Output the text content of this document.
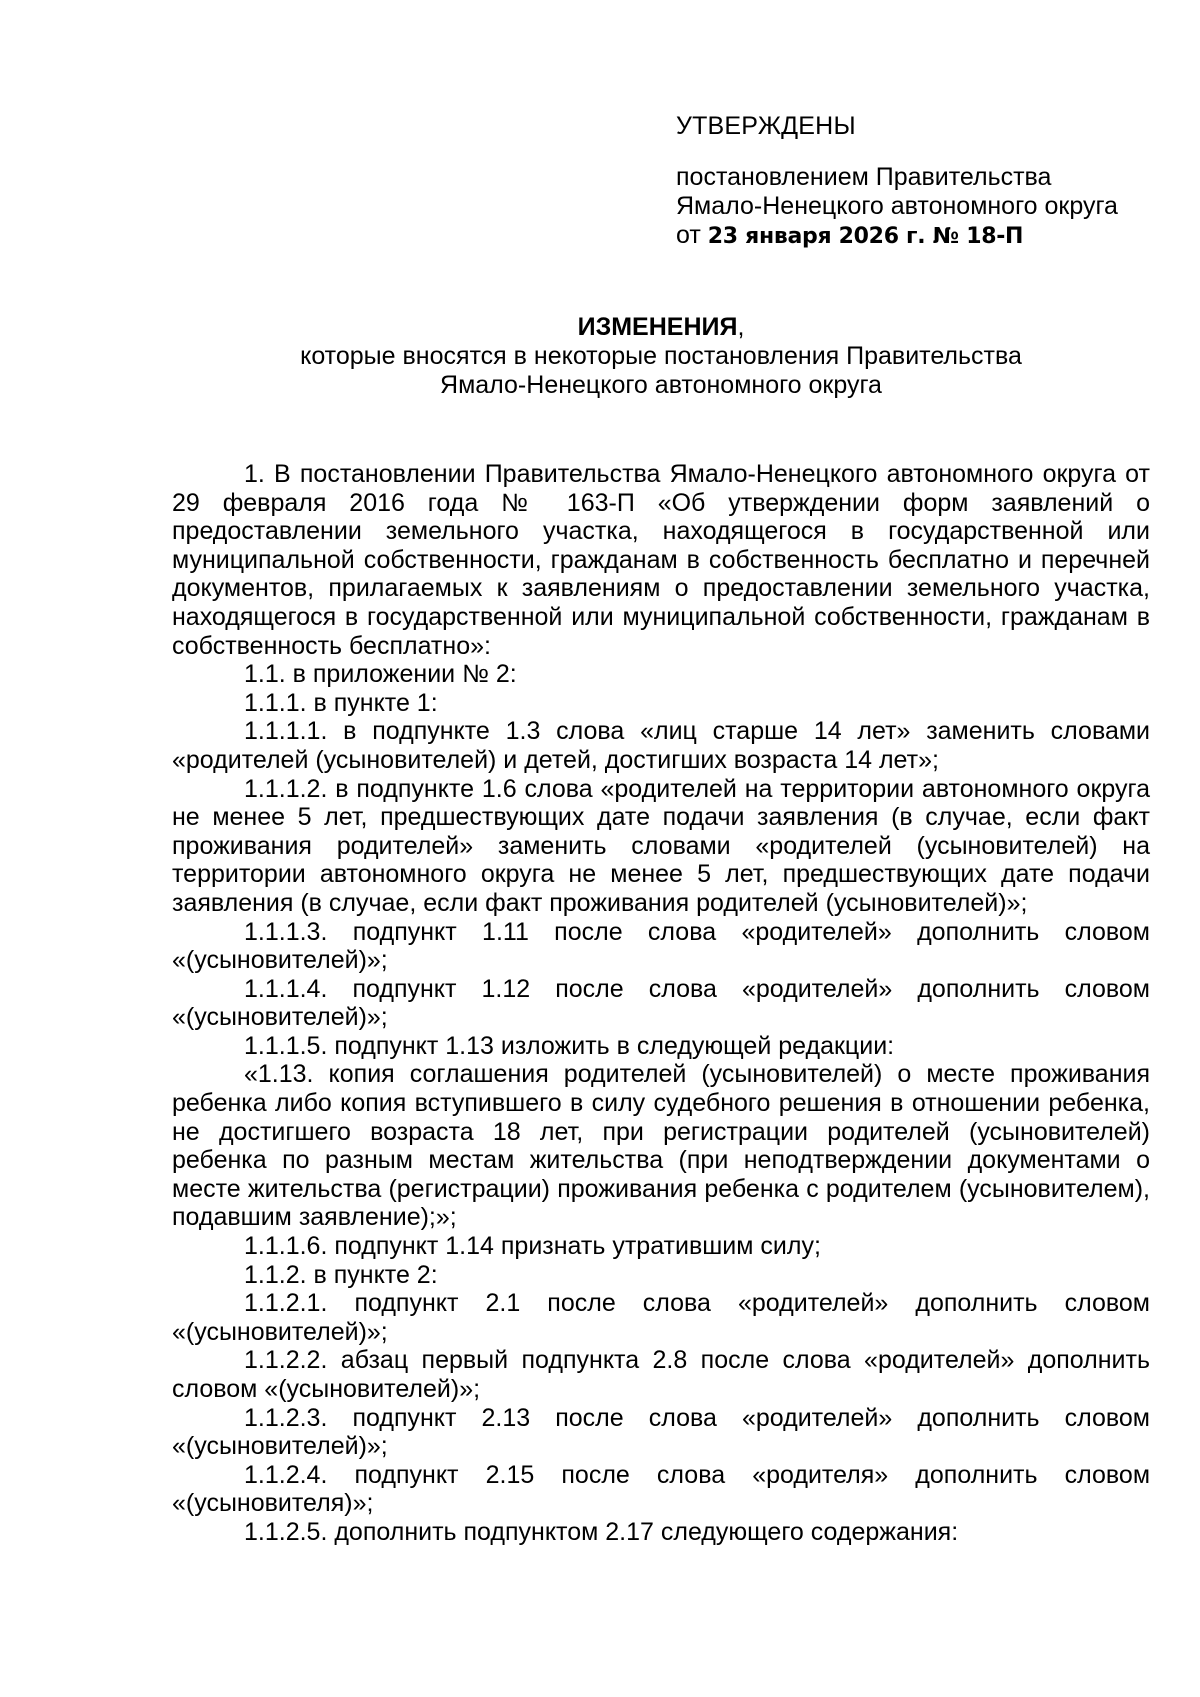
УТВЕРЖДЕНЫ
постановлением Правительства
Ямало-Ненецкого автономного округа
от 23 января 2026 г. № 18-П
ИЗМЕНЕНИЯ,
которые вносятся в некоторые постановления Правительства
Ямало-Ненецкого автономного округа

1. В постановлении Правительства Ямало-Ненецкого автономного округа от 29 февраля 2016 года № 163-П «Об утверждении форм заявлений о предоставлении земельного участка, находящегося в государственной или муниципальной собственности, гражданам в собственность бесплатно и перечней документов, прилагаемых к заявлениям о предоставлении земельного участка, находящегося в государственной или муниципальной собственности, гражданам в собственность бесплатно»:

1.1. в приложении № 2:

1.1.1. в пункте 1:

1.1.1.1. в подпункте 1.3 слова «лиц старше 14 лет» заменить словами «родителей (усыновителей) и детей, достигших возраста 14 лет»;

1.1.1.2. в подпункте 1.6 слова «родителей на территории автономного округа не менее 5 лет, предшествующих дате подачи заявления (в случае, если факт проживания родителей» заменить словами «родителей (усыновителей) на территории автономного округа не менее 5 лет, предшествующих дате подачи заявления (в случае, если факт проживания родителей (усыновителей)»;

1.1.1.3. подпункт 1.11 после слова «родителей» дополнить словом «(усыновителей)»;

1.1.1.4. подпункт 1.12 после слова «родителей» дополнить словом «(усыновителей)»;

1.1.1.5. подпункт 1.13 изложить в следующей редакции:

«1.13. копия соглашения родителей (усыновителей) о месте проживания ребенка либо копия вступившего в силу судебного решения в отношении ребенка, не достигшего возраста 18 лет, при регистрации родителей (усыновителей) ребенка по разным местам жительства (при неподтверждении документами о месте жительства (регистрации) проживания ребенка с родителем (усыновителем), подавшим заявление);»;

1.1.1.6. подпункт 1.14 признать утратившим силу;

1.1.2. в пункте 2:

1.1.2.1. подпункт 2.1 после слова «родителей» дополнить словом «(усыновителей)»;

1.1.2.2. абзац первый подпункта 2.8 после слова «родителей» дополнить словом «(усыновителей)»;

1.1.2.3. подпункт 2.13 после слова «родителей» дополнить словом «(усыновителей)»;

1.1.2.4. подпункт 2.15 после слова «родителя» дополнить словом «(усыновителя)»;

1.1.2.5. дополнить подпунктом 2.17 следующего содержания:
